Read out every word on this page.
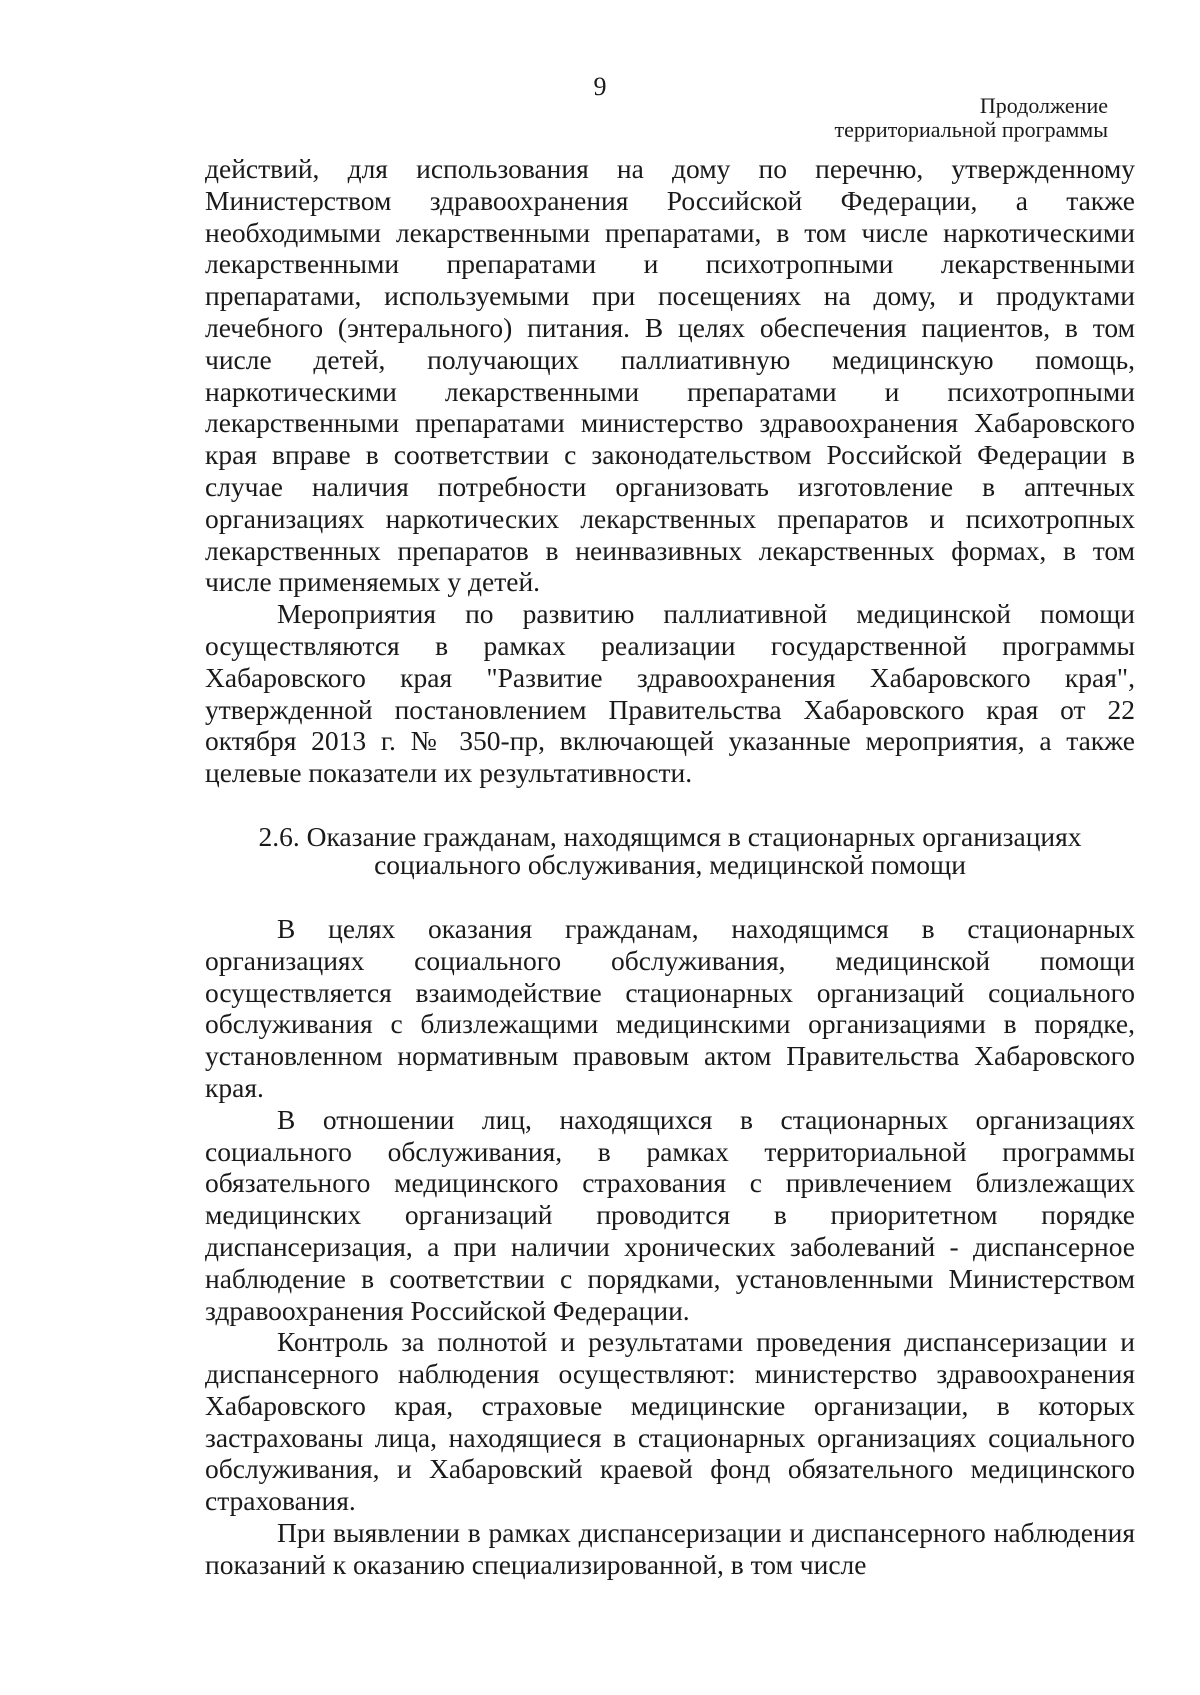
9
Продолжение
территориальной программы

действий, для использования на дому по перечню, утвержденному Министерством здравоохранения Российской Федерации, а также необходимыми лекарственными препаратами, в том числе наркотическими лекарственными препаратами и психотропными лекарственными препаратами, используемыми при посещениях на дому, и продуктами лечебного (энтерального) питания. В целях обеспечения пациентов, в том числе детей, получающих паллиативную медицинскую помощь, наркотическими лекарственными препаратами и психотропными лекарственными препаратами министерство здравоохранения Хабаровского края вправе в соответствии с законодательством Российской Федерации в случае наличия потребности организовать изготовление в аптечных организациях наркотических лекарственных препаратов и психотропных лекарственных препаратов в неинвазивных лекарственных формах, в том числе применяемых у детей.

Мероприятия по развитию паллиативной медицинской помощи осуществляются в рамках реализации государственной программы Хабаровского края "Развитие здравоохранения Хабаровского края", утвержденной постановлением Правительства Хабаровского края от 22 октября 2013 г. № 350-пр, включающей указанные мероприятия, а также целевые показатели их результативности.

2.6. Оказание гражданам, находящимся в стационарных организациях
социального обслуживания, медицинской помощи

В целях оказания гражданам, находящимся в стационарных организациях социального обслуживания, медицинской помощи осуществляется взаимодействие стационарных организаций социального обслуживания с близлежащими медицинскими организациями в порядке, установленном нормативным правовым актом Правительства Хабаровского края.

В отношении лиц, находящихся в стационарных организациях социального обслуживания, в рамках территориальной программы обязательного медицинского страхования с привлечением близлежащих медицинских организаций проводится в приоритетном порядке диспансеризация, а при наличии хронических заболеваний - диспансерное наблюдение в соответствии с порядками, установленными Министерством здравоохранения Российской Федерации.

Контроль за полнотой и результатами проведения диспансеризации и диспансерного наблюдения осуществляют: министерство здравоохранения Хабаровского края, страховые медицинские организации, в которых застрахованы лица, находящиеся в стационарных организациях социального обслуживания, и Хабаровский краевой фонд обязательного медицинского страхования.

При выявлении в рамках диспансеризации и диспансерного наблюдения показаний к оказанию специализированной, в том числе
